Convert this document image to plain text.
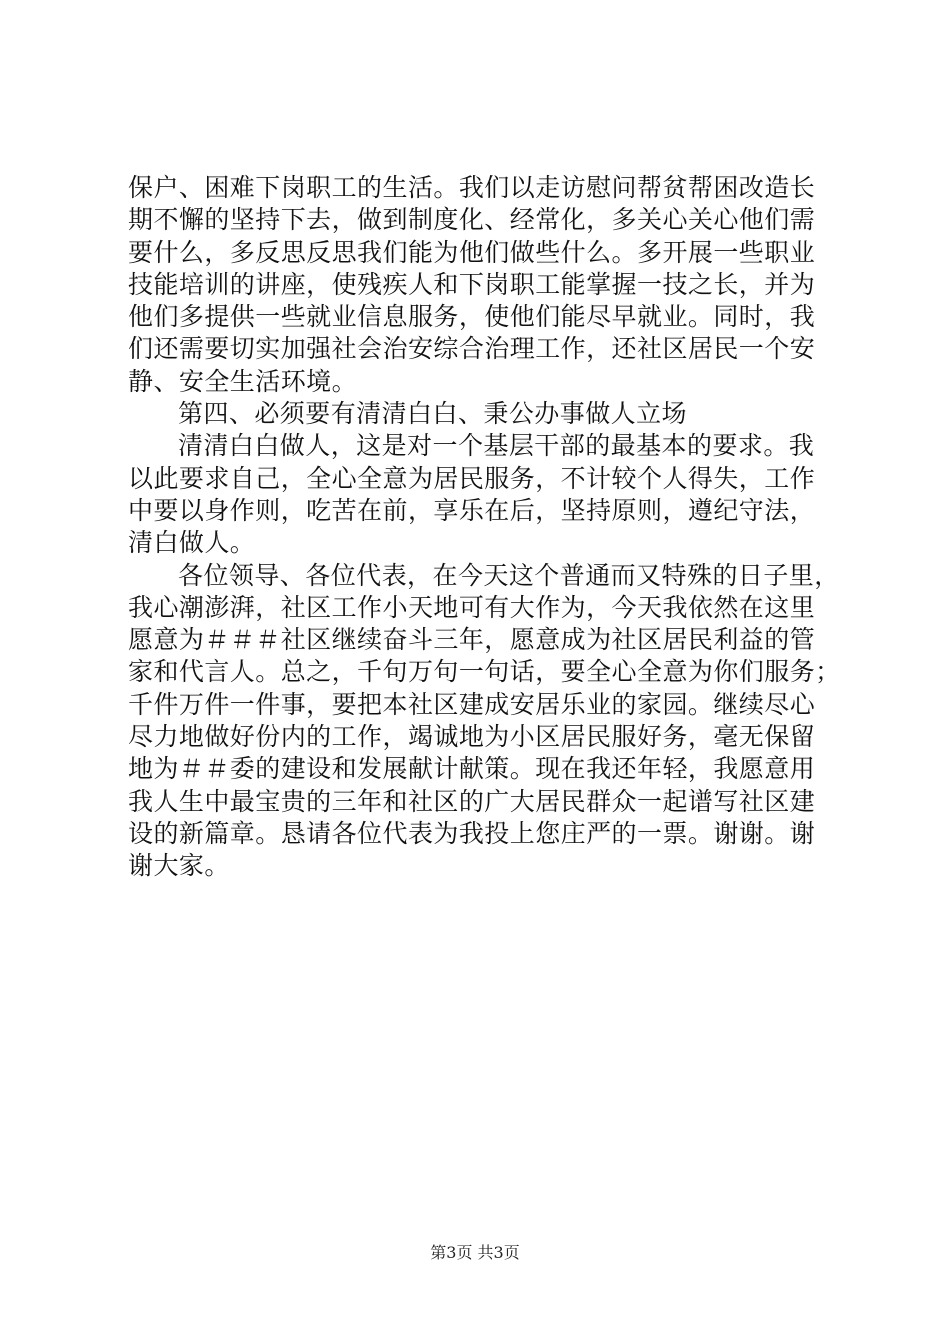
保户、困难下岗职工的生活。我们以走访慰问帮贫帮困改造长
期不懈的坚持下去，做到制度化、经常化，多关心关心他们需
要什么，多反思反思我们能为他们做些什么。多开展一些职业
技能培训的讲座，使残疾人和下岗职工能掌握一技之长，并为
他们多提供一些就业信息服务，使他们能尽早就业。同时，我
们还需要切实加强社会治安综合治理工作，还社区居民一个安
静、安全生活环境。
第四、必须要有清清白白、秉公办事做人立场
清清白白做人，这是对一个基层干部的最基本的要求。我
以此要求自己，全心全意为居民服务，不计较个人得失，工作
中要以身作则，吃苦在前，享乐在后，坚持原则，遵纪守法，
清白做人。
各位领导、各位代表，在今天这个普通而又特殊的日子里，
我心潮澎湃，社区工作小天地可有大作为，今天我依然在这里
愿意为＃＃＃社区继续奋斗三年，愿意成为社区居民利益的管
家和代言人。总之，千句万句一句话，要全心全意为你们服务；
千件万件一件事，要把本社区建成安居乐业的家园。继续尽心
尽力地做好份内的工作，竭诚地为小区居民服好务，毫无保留
地为＃＃委的建设和发展献计献策。现在我还年轻，我愿意用
我人生中最宝贵的三年和社区的广大居民群众一起谱写社区建
设的新篇章。恳请各位代表为我投上您庄严的一票。谢谢。谢
谢大家。
第3页 共3页
